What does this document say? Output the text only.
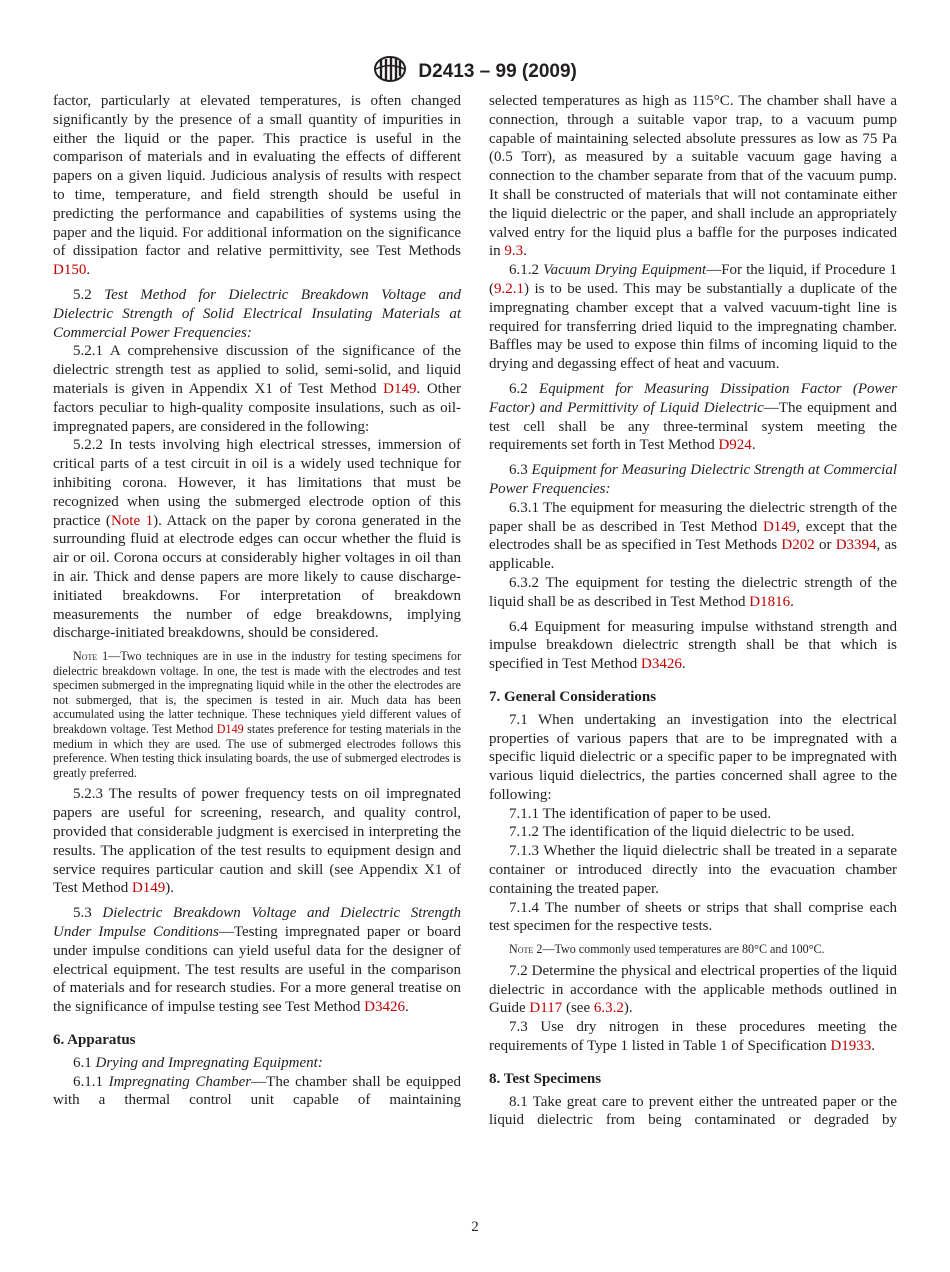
D2413 – 99 (2009)

factor, particularly at elevated temperatures, is often changed significantly by the presence of a small quantity of impurities in either the liquid or the paper. This practice is useful in the comparison of materials and in evaluating the effects of different papers on a given liquid. Judicious analysis of results with respect to time, temperature, and field strength should be useful in predicting the performance and capabilities of systems using the paper and the liquid. For additional information on the significance of dissipation factor and relative permittivity, see Test Methods D150.

5.2 Test Method for Dielectric Breakdown Voltage and Dielectric Strength of Solid Electrical Insulating Materials at Commercial Power Frequencies:

5.2.1 A comprehensive discussion of the significance of the dielectric strength test as applied to solid, semi-solid, and liquid materials is given in Appendix X1 of Test Method D149. Other factors peculiar to high-quality composite insulations, such as oil-impregnated papers, are considered in the following:

5.2.2 In tests involving high electrical stresses, immersion of critical parts of a test circuit in oil is a widely used technique for inhibiting corona. However, it has limitations that must be recognized when using the submerged electrode option of this practice (Note 1). Attack on the paper by corona generated in the surrounding fluid at electrode edges can occur whether the fluid is air or oil. Corona occurs at considerably higher voltages in oil than in air. Thick and dense papers are more likely to cause discharge-initiated breakdowns. For interpretation of breakdown measurements the number of edge breakdowns, implying discharge-initiated breakdowns, should be considered.

Note 1—Two techniques are in use in the industry for testing specimens for dielectric breakdown voltage. In one, the test is made with the electrodes and test specimen submerged in the impregnating liquid while in the other the electrodes are not submerged, that is, the specimen is tested in air. Much data has been accumulated using the latter technique. These techniques yield different values of breakdown voltage. Test Method D149 states preference for testing materials in the medium in which they are used. The use of submerged electrodes follows this preference. When testing thick insulating boards, the use of submerged electrodes is greatly preferred.

5.2.3 The results of power frequency tests on oil impregnated papers are useful for screening, research, and quality control, provided that considerable judgment is exercised in interpreting the results. The application of the test results to equipment design and service requires particular caution and skill (see Appendix X1 of Test Method D149).

5.3 Dielectric Breakdown Voltage and Dielectric Strength Under Impulse Conditions—Testing impregnated paper or board under impulse conditions can yield useful data for the designer of electrical equipment. The test results are useful in the comparison of materials and for research studies. For a more general treatise on the significance of impulse testing see Test Method D3426.

6. Apparatus

6.1 Drying and Impregnating Equipment:

6.1.1 Impregnating Chamber—The chamber shall be equipped with a thermal control unit capable of maintaining

selected temperatures as high as 115°C. The chamber shall have a connection, through a suitable vapor trap, to a vacuum pump capable of maintaining selected absolute pressures as low as 75 Pa (0.5 Torr), as measured by a suitable vacuum gage having a connection to the chamber separate from that of the vacuum pump. It shall be constructed of materials that will not contaminate either the liquid dielectric or the paper, and shall include an appropriately valved entry for the liquid plus a baffle for the purposes indicated in 9.3.

6.1.2 Vacuum Drying Equipment—For the liquid, if Procedure 1 (9.2.1) is to be used. This may be substantially a duplicate of the impregnating chamber except that a valved vacuum-tight line is required for transferring dried liquid to the impregnating chamber. Baffles may be used to expose thin films of incoming liquid to the drying and degassing effect of heat and vacuum.

6.2 Equipment for Measuring Dissipation Factor (Power Factor) and Permittivity of Liquid Dielectric—The equipment and test cell shall be any three-terminal system meeting the requirements set forth in Test Method D924.

6.3 Equipment for Measuring Dielectric Strength at Commercial Power Frequencies:

6.3.1 The equipment for measuring the dielectric strength of the paper shall be as described in Test Method D149, except that the electrodes shall be as specified in Test Methods D202 or D3394, as applicable.

6.3.2 The equipment for testing the dielectric strength of the liquid shall be as described in Test Method D1816.

6.4 Equipment for measuring impulse withstand strength and impulse breakdown dielectric strength shall be that which is specified in Test Method D3426.

7. General Considerations

7.1 When undertaking an investigation into the electrical properties of various papers that are to be impregnated with a specific liquid dielectric or a specific paper to be impregnated with various liquid dielectrics, the parties concerned shall agree to the following:

7.1.1 The identification of paper to be used.

7.1.2 The identification of the liquid dielectric to be used.

7.1.3 Whether the liquid dielectric shall be treated in a separate container or introduced directly into the evacuation chamber containing the treated paper.

7.1.4 The number of sheets or strips that shall comprise each test specimen for the respective tests.

Note 2—Two commonly used temperatures are 80°C and 100°C.

7.2 Determine the physical and electrical properties of the liquid dielectric in accordance with the applicable methods outlined in Guide D117 (see 6.3.2).

7.3 Use dry nitrogen in these procedures meeting the requirements of Type 1 listed in Table 1 of Specification D1933.

8. Test Specimens

8.1 Take great care to prevent either the untreated paper or the liquid dielectric from being contaminated or degraded by

2
